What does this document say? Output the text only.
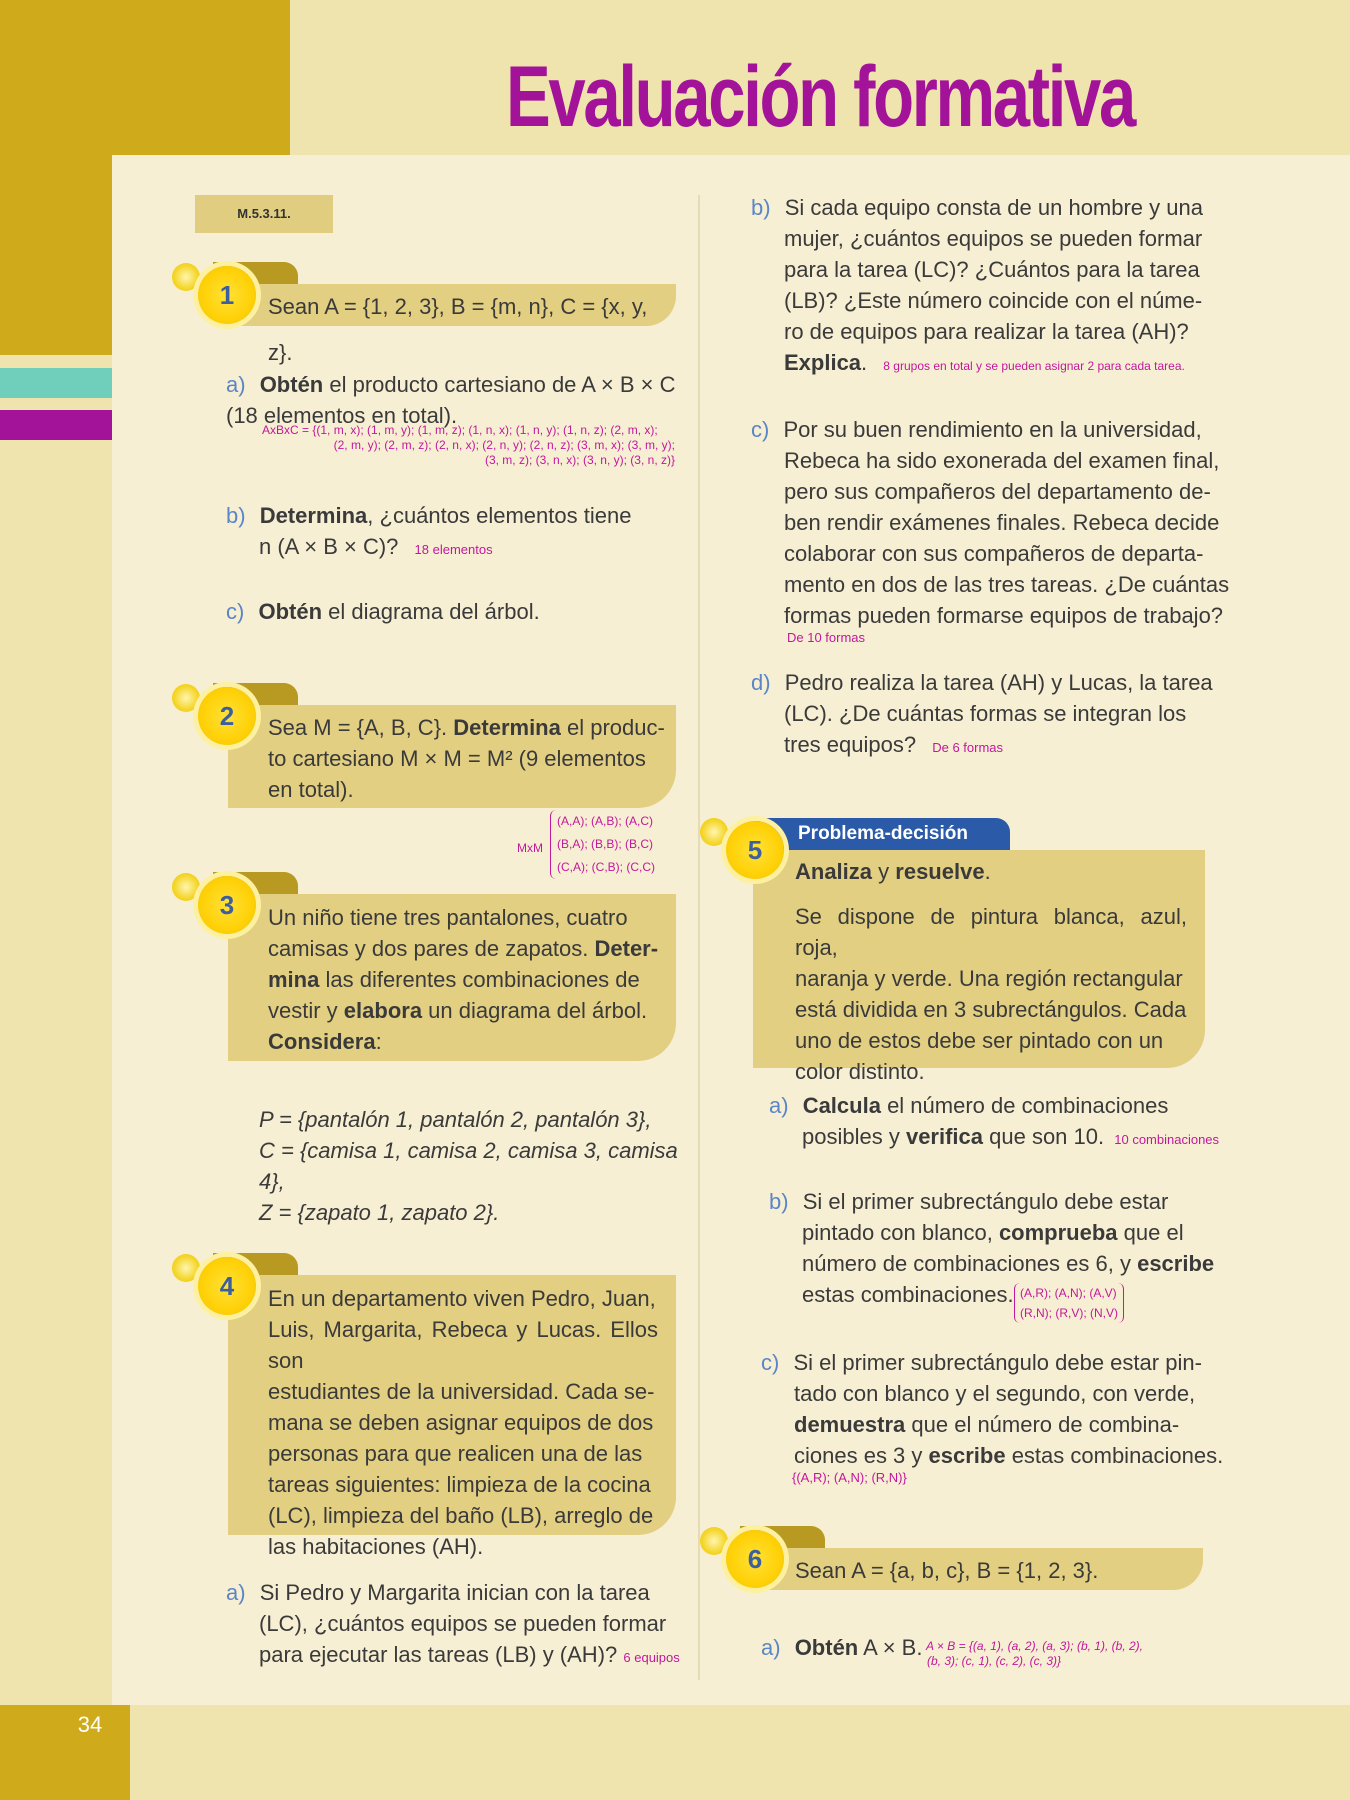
34
Evaluación formativa
M.5.3.11.
Sean A = {1, 2, 3}, B = {m, n}, C = {x, y, z}.
1
a) Obtén el producto cartesiano de A × B × C (18 elementos en total).
AxBxC = {(1, m, x); (1, m, y); (1, m, z); (1, n, x); (1, n, y); (1, n, z); (2, m, x);
(2, m, y); (2, m, z); (2, n, x); (2, n, y); (2, n, z); (3, m, x); (3, m, y);
(3, m, z); (3, n, x); (3, n, y); (3, n, z)}
b) Determina, ¿cuántos elementos tiene
n (A × B × C)? 18 elementos
c) Obtén el diagrama del árbol.
Sea M = {A, B, C}. Determina el produc-
to cartesiano M × M = M² (9 elementos
en total).
2
MxM
(A,A); (A,B); (A,C)
(B,A); (B,B); (B,C)
(C,A); (C,B); (C,C)
Un niño tiene tres pantalones, cuatro
camisas y dos pares de zapatos. Deter-
mina las diferentes combinaciones de
vestir y elabora un diagrama del árbol.
Considera:
3
P = {pantalón 1, pantalón 2, pantalón 3},
C = {camisa 1, camisa 2, camisa 3, camisa 4},
Z = {zapato 1, zapato 2}.
En un departamento viven Pedro, Juan,
Luis, Margarita, Rebeca y Lucas. Ellos son
estudiantes de la universidad. Cada se-
mana se deben asignar equipos de dos
personas para que realicen una de las
tareas siguientes: limpieza de la cocina
(LC), limpieza del baño (LB), arreglo de
las habitaciones (AH).
4
a) Si Pedro y Margarita inician con la tarea
(LC), ¿cuántos equipos se pueden formar
para ejecutar las tareas (LB) y (AH)? 6 equipos
b) Si cada equipo consta de un hombre y una
mujer, ¿cuántos equipos se pueden formar
para la tarea (LC)? ¿Cuántos para la tarea
(LB)? ¿Este número coincide con el núme-
ro de equipos para realizar la tarea (AH)?
Explica. 8 grupos en total y se pueden asignar 2 para cada tarea.
c) Por su buen rendimiento en la universidad,
Rebeca ha sido exonerada del examen final,
pero sus compañeros del departamento de-
ben rendir exámenes finales. Rebeca decide
colaborar con sus compañeros de departa-
mento en dos de las tres tareas. ¿De cuántas
formas pueden formarse equipos de trabajo?
De 10 formas
d) Pedro realiza la tarea (AH) y Lucas, la tarea
(LC). ¿De cuántas formas se integran los
tres equipos? De 6 formas
Problema-decisión
Analiza y resuelve.
Se dispone de pintura blanca, azul, roja,
naranja y verde. Una región rectangular
está dividida en 3 subrectángulos. Cada
uno de estos debe ser pintado con un
color distinto.
5
a) Calcula el número de combinaciones
posibles y verifica que son 10. 10 combinaciones
b) Si el primer subrectángulo debe estar
pintado con blanco, comprueba que el
número de combinaciones es 6, y escribe
estas combinaciones. (A,R); (A,N); (A,V)
(R,N); (R,V); (N,V)
c) Si el primer subrectángulo debe estar pin-
tado con blanco y el segundo, con verde,
demuestra que el número de combina-
ciones es 3 y escribe estas combinaciones.
{(A,R); (A,N); (R,N)}
Sean A = {a, b, c}, B = {1, 2, 3}.
6
a) Obtén A × B. A × B = {(a, 1), (a, 2), (a, 3); (b, 1), (b, 2),
(b, 3); (c, 1), (c, 2), (c, 3)}
